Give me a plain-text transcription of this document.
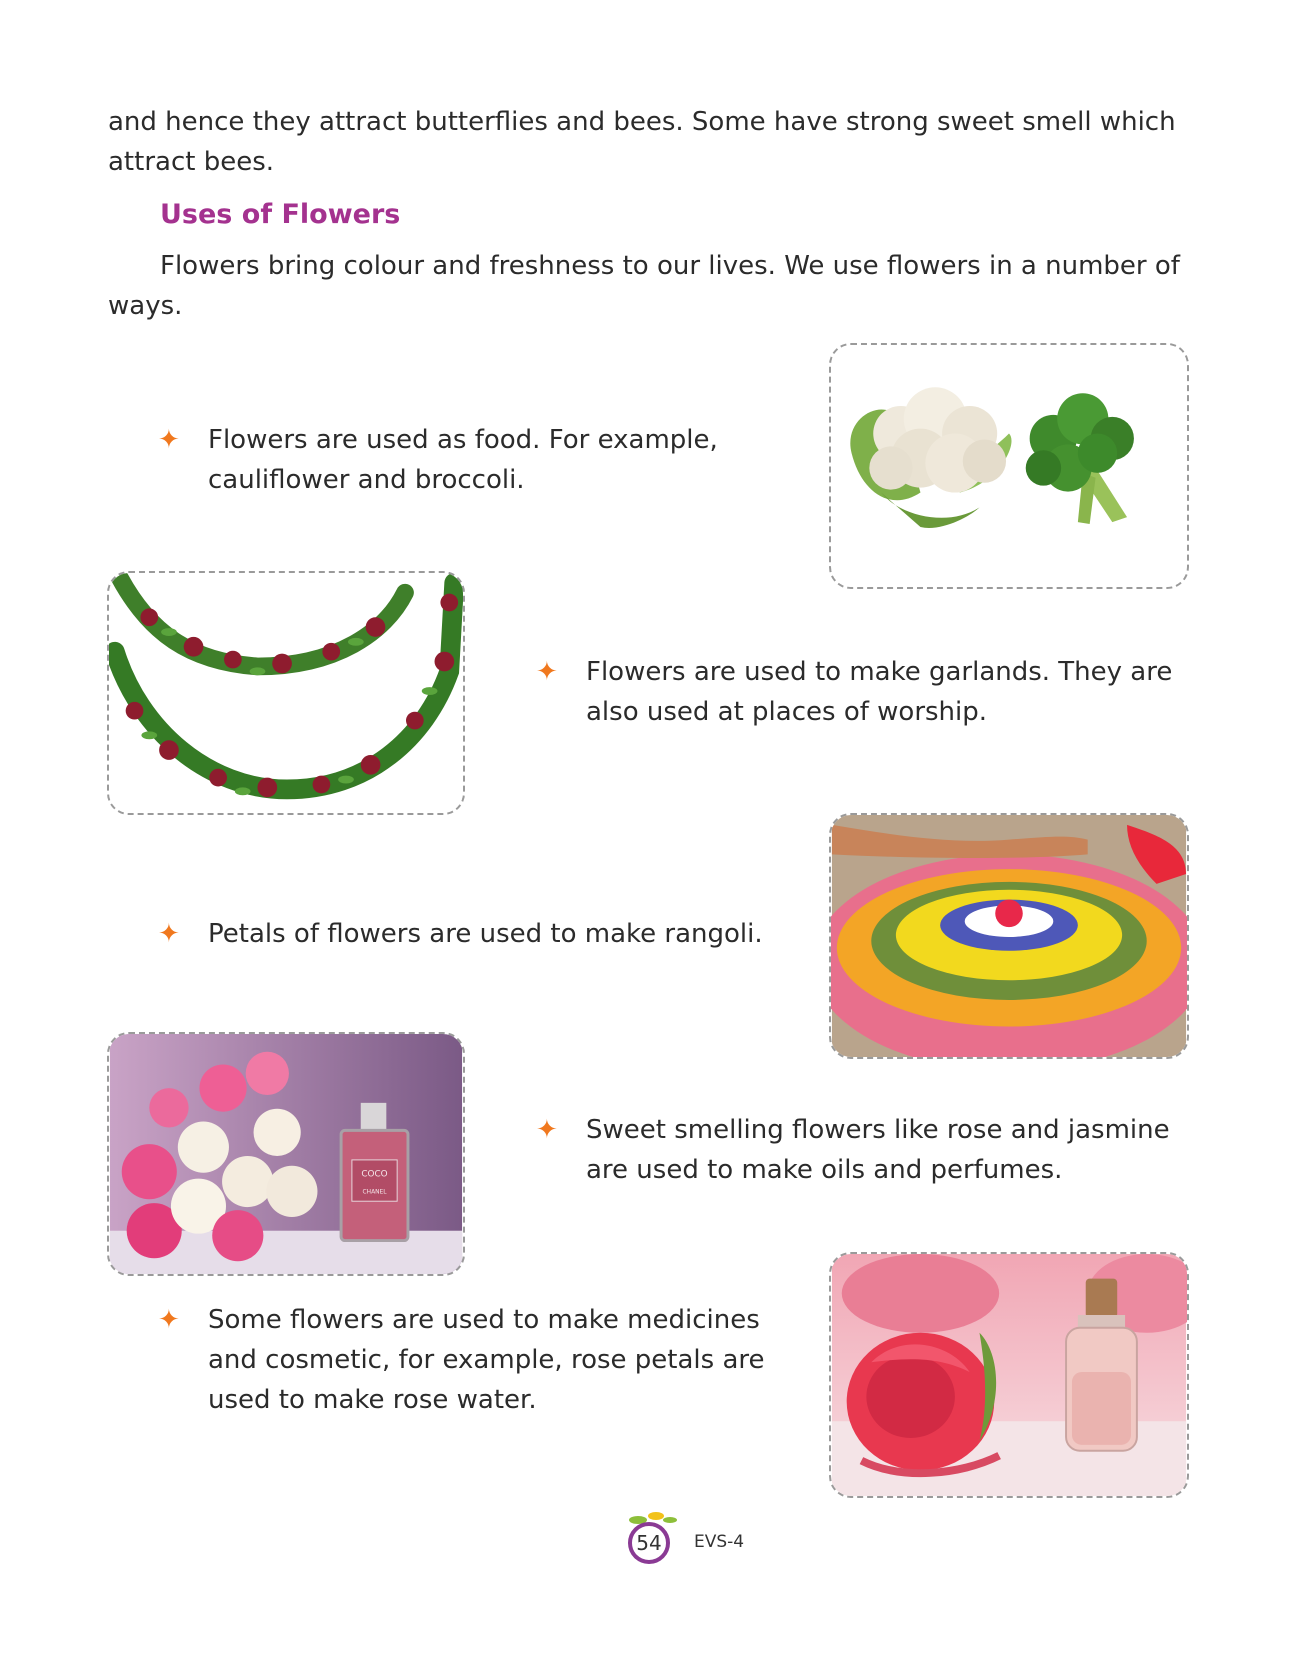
and hence they attract butterflies and bees. Some have strong sweet smell which
attract bees.
Uses of Flowers
Flowers bring colour and freshness to our lives. We use flowers in a number of
ways.
✦ Flowers are used as food. For example,
cauliflower and broccoli.
✦ Flowers are used to make garlands. They are
also used at places of worship.
✦ Petals of flowers are used to make rangoli.
COCO
CHANEL
✦ Sweet smelling flowers like rose and jasmine
are used to make oils and perfumes.
✦ Some flowers are used to make medicines
and cosmetic, for example, rose petals are
used to make rose water.
54	EVS-4
